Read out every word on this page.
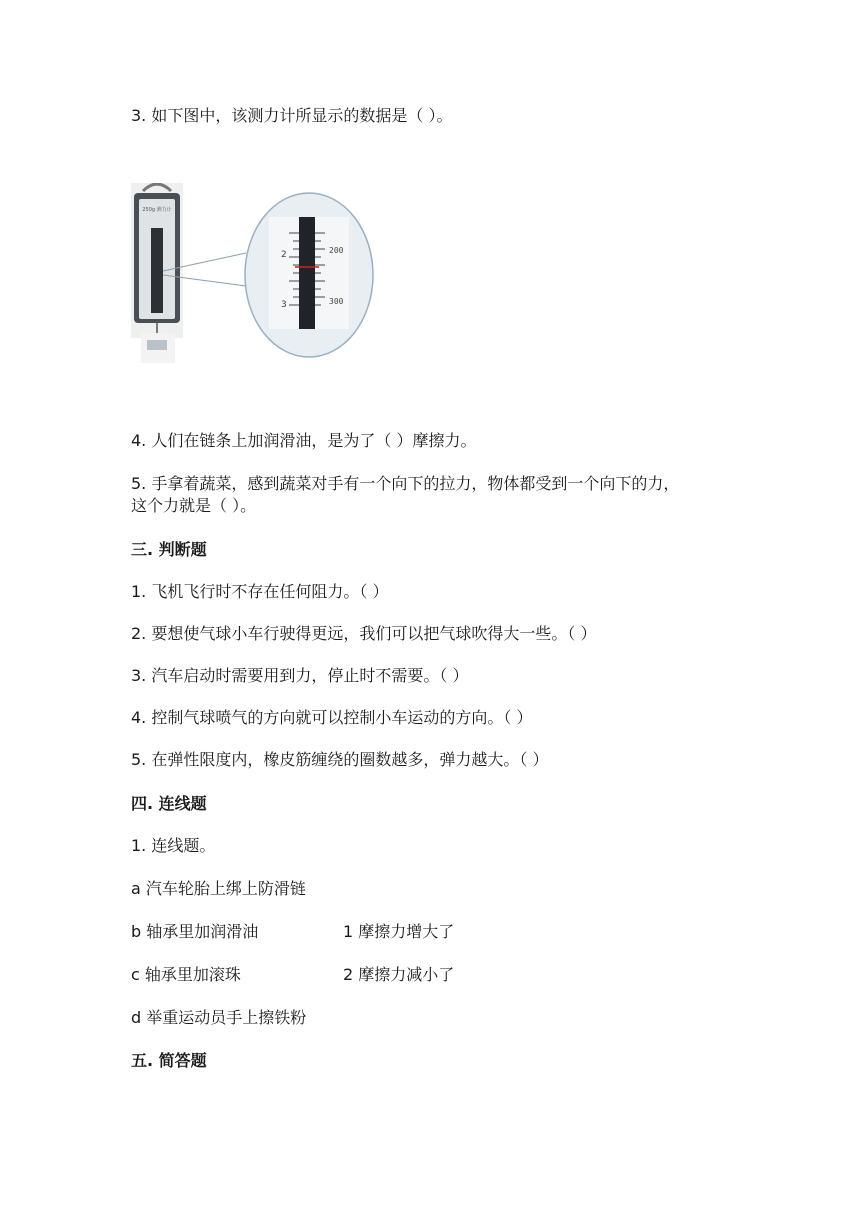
3. 如下图中，该测力计所显示的数据是（ ）。
250g 测力计
2
3
200
300
4. 人们在链条上加润滑油，是为了（ ）摩擦力。
5. 手拿着蔬菜，感到蔬菜对手有一个向下的拉力，物体都受到一个向下的力，
这个力就是（ ）。
三. 判断题
1. 飞机飞行时不存在任何阻力。（ ）
2. 要想使气球小车行驶得更远，我们可以把气球吹得大一些。（ ）
3. 汽车启动时需要用到力，停止时不需要。（ ）
4. 控制气球喷气的方向就可以控制小车运动的方向。（ ）
5. 在弹性限度内，橡皮筋缠绕的圈数越多，弹力越大。（ ）
四. 连线题
1. 连线题。
a 汽车轮胎上绑上防滑链
b 轴承里加润滑油	1 摩擦力增大了
c 轴承里加滚珠	2 摩擦力减小了
d 举重运动员手上擦铁粉
五. 简答题
